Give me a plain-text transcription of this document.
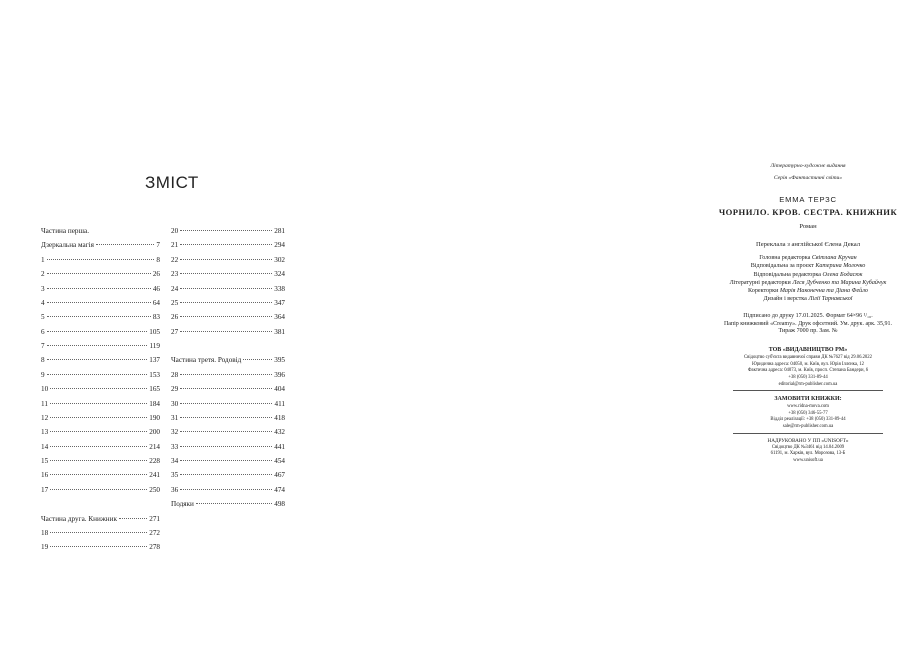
ЗМІСТ
Частина перша.
Дзеркальна магія	7
1	8
2	26
3	46
4	64
5	83
6	105
7	119
8	137
9	153
10	165
11	184
12	190
13	200
14	214
15	228
16	241
17	250
Частина друга. Книжник	271
18	272
19	278
20	281
21	294
22	302
23	324
24	338
25	347
26	364
27	381
Частина третя. Родовід	395
28	396
29	404
30	411
31	418
32	432
33	441
34	454
35	467
36	474
Подяки	498
Літературно-художнє видання
Серія «Фантастичні світи»
ЕММА ТЕРЗС
ЧОРНИЛО. КРОВ. СЕСТРА. КНИЖНИК
Роман
Переклала з англійської Єлена Декал
Головна редакторка Світлана Кручан
Відповідальна за проєкт Катерина Молочко
Відповідальна редакторка Олена Бодасюк
Літературні редакторки Леся Дубченко та Марина Кубайчук
Коректорки Марія Наконечна та Діана Фейло
Дизайн і верстка Лілії Тарнавської
Підписано до друку 17.01.2025. Формат 64×96 ¹/₁₆.
Папір книжковий «Creamy». Друк офсетний. Ум. друк. арк. 35,91.
Тираж 7000 пр. Зам. №
ТОВ «ВИДАВНИЦТВО РМ»
Свідоцтво суб'єкта видавничої справи ДК №7627 від 29.06.2022
Юридична адреса: 04050, м. Київ, вул. Юрія Іллєнка, 12
Фактична адреса: 04073, м. Київ, просп. Степана Бандери, 6
+38 (050) 331-89-44
editorial@rm-publisher.com.ua
ЗАМОВИТИ КНИЖКИ:
www.ridna-mova.com
+38 (050) 346-55-77
Відділ реалізації: +38 (050) 331-89-44
sale@rm-publisher.com.ua
НАДРУКОВАНО У ПП «UNISOFT»
Свідоцтво ДК №3461 від 14.04.2009
61191, м. Харків, вул. Морозова, 13-Б
www.unisoft.ua
